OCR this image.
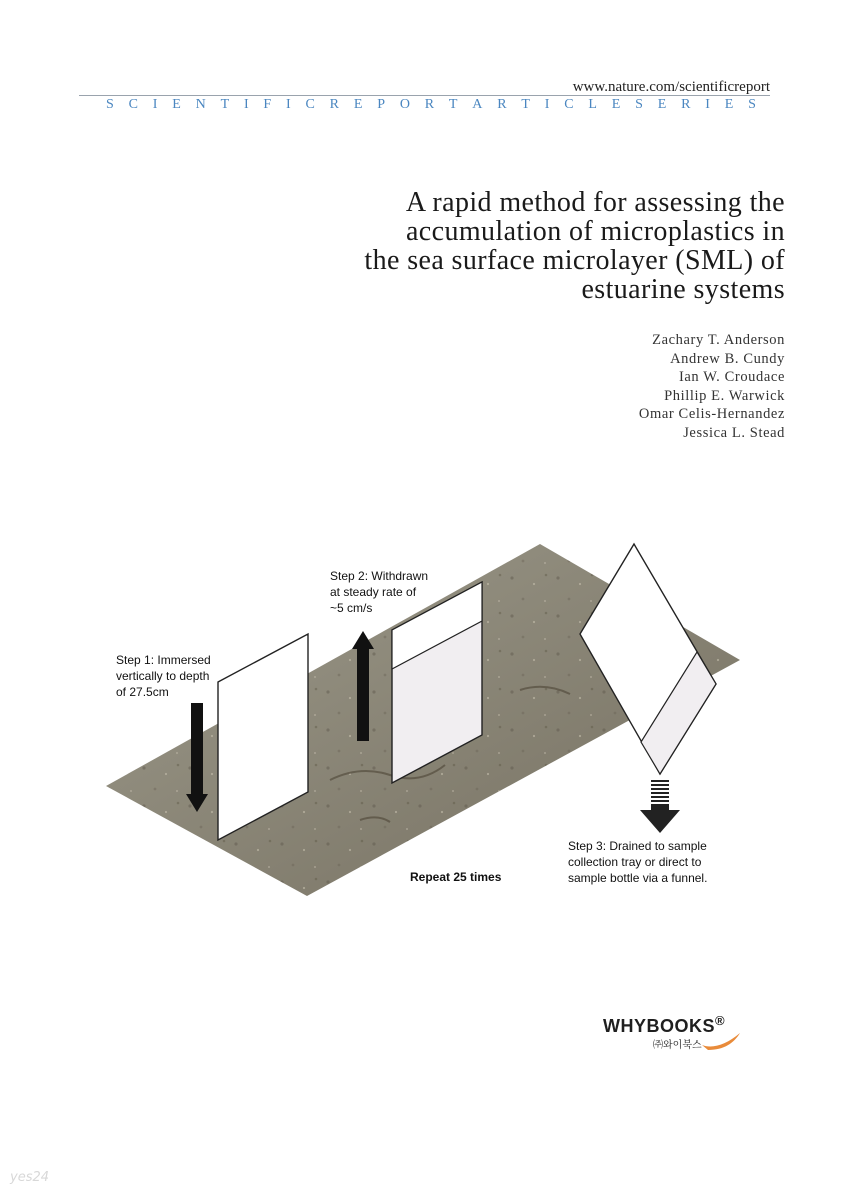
www.nature.com/scientificreport
S C I E N T I F I C R E P O R T A R T I C L E S E R I E S
A rapid method for assessing the
accumulation of microplastics in
the sea surface microlayer (SML) of
estuarine systems
Zachary T. Anderson
Andrew B. Cundy
Ian W. Croudace
Phillip E. Warwick
Omar Celis-Hernandez
Jessica L. Stead
Step 1: Immersed
vertically to depth
of 27.5cm
Step 2: Withdrawn
at steady rate of
~5 cm/s
Step 3: Drained to sample
collection tray or direct to
sample bottle via a funnel.
Repeat 25 times
WHYBOOKS®
㈜와이북스
yes24
